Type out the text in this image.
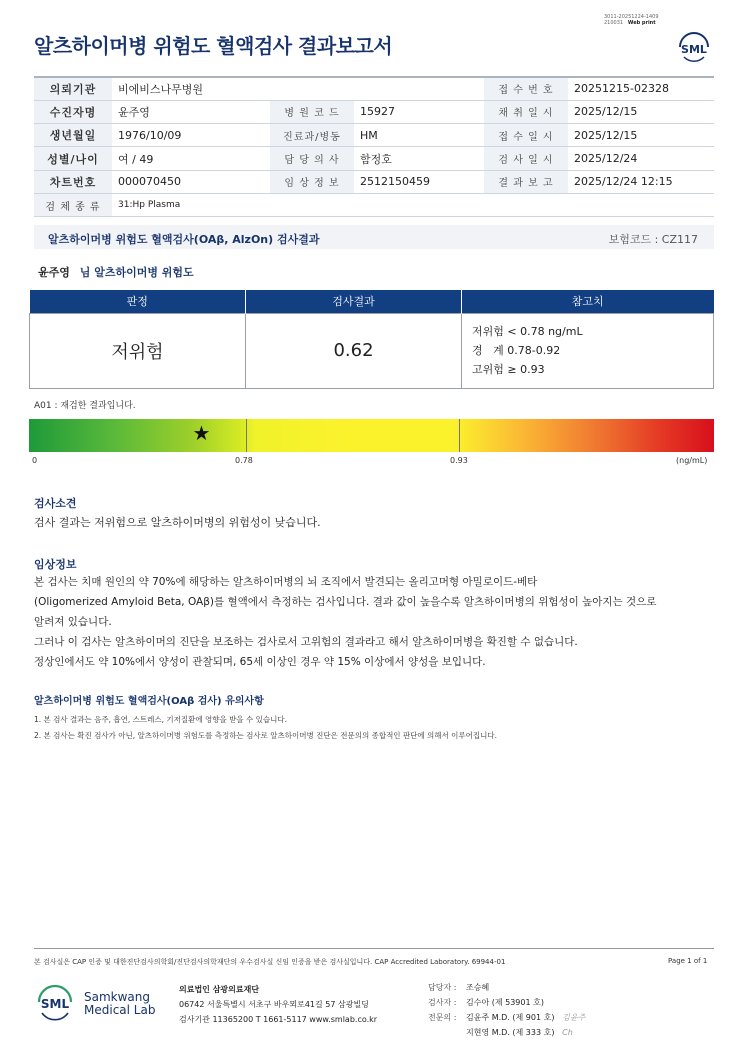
3011-20251224-1409
210031 Web print
알츠하이머병 위험도 혈액검사 결과보고서	SML
의뢰기관	비에비스나무병원			접 수 번 호	20251215-02328
수진자명	윤주영	병 원 코 드	15927	채 취 일 시	2025/12/15
생년월일	1976/10/09	진료과/병동	HM	접 수 일 시	2025/12/15
성별/나이	여 / 49	담 당 의 사	함정호	검 사 일 시	2025/12/24
차트번호	000070450	임 상 정 보	2512150459	결 과 보 고	2025/12/24 12:15
검 체 종 류	31:Hp Plasma				
알츠하이머병 위험도 혈액검사(OAβ, AlzOn) 검사결과	보험코드 : CZ117
윤주영 님 알츠하이머병 위험도
판정	검사결과	참고치
저위험	0.62	저위험 < 0.78 ng/mL
경   계 0.78-0.92
고위험 ≥ 0.93
A01 : 재검한 결과입니다.
★
0	0.78	0.93	(ng/mL)
검사소견
검사 결과는 저위험으로 알츠하이머병의 위험성이 낮습니다.
임상정보
본 검사는 치매 원인의 약 70%에 해당하는 알츠하이머병의 뇌 조직에서 발견되는 올리고머형 아밀로이드-베타
(Oligomerized Amyloid Beta, OAβ)를 혈액에서 측정하는 검사입니다. 결과 값이 높을수록 알츠하이머병의 위험성이 높아지는 것으로
알려져 있습니다.
그러나 이 검사는 알츠하이머의 진단을 보조하는 검사로서 고위험의 결과라고 해서 알츠하이머병을 확진할 수 없습니다.
정상인에서도 약 10%에서 양성이 관찰되며, 65세 이상인 경우 약 15% 이상에서 양성을 보입니다.
알츠하이머병 위험도 혈액검사(OAβ 검사) 유의사항
1. 본 검사 결과는 음주, 흡연, 스트레스, 기저질환에 영향을 받을 수 있습니다.
2. 본 검사는 확진 검사가 아닌, 알츠하이머병 위험도를 측정하는 검사로 알츠하이머병 진단은 전문의의 종합적인 판단에 의해서 이루어집니다.
본 검사실은 CAP 인증 및 대한진단검사의학회/진단검사의학재단의 우수검사실 신임 인증을 받은 검사실입니다. CAP Accredited Laboratory. 69944-01	Page 1 of 1
SML Samkwang
Medical Lab
의료법인 삼광의료재단
06742 서울특별시 서초구 바우뫼로41길 57 삼광빌딩
검사기관 11365200 T 1661-5117 www.smlab.co.kr
담당자 :	조승혜
검사자 :	김수아 (제 53901 호)
전문의 :	김윤주 M.D. (제 901 호)
김윤주
지현영 M.D. (제 333 호)
Ch
